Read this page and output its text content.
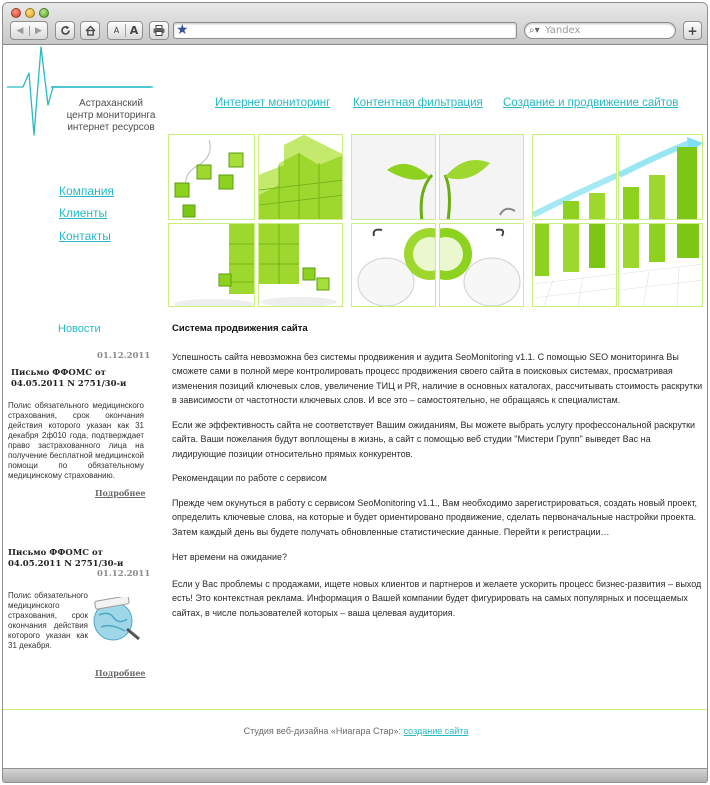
◀	▶	A A	★	⌕▾ Yandex	+
Астраханский центр мониторинга интернет ресурсов
Интернет мониторинг Контентная фильтрация Создание и продвижение сайтов
Компания
Клиенты
Контакты
Новости
01.12.2011
Письмо ФФОМС от 04.05.2011 N 2751/30-и
Полис обязательного медицинского страхования, срок окончания действия которого указан как 31 декабря 2ф010 года, подтверждает право застрахованного лица на получение бесплатной медицинской помощи по обязательному медицинскому страхованию.
Подробнее
Письмо ФФОМС от 04.05.2011 N 2751/30-и
01.12.2011
Полис обязательного медицинского страхования, срок окончания действия которого указан как 31 декабря.
Подробнее
Система продвижения сайта
Успешность сайта невозможна без системы продвижения и аудита SeoMonitoring v1.1. С помощью SEO мониторинга Вы сможете сами в полной мере контролировать процесс продвижения своего сайта в поисковых системах, просматривая изменения позиций ключевых слов, увеличение ТИЦ и PR, наличие в основных каталогах, рассчитывать стоимость раскрутки в зависимости от частотности ключевых слов. И все это – самостоятельно, не обращаясь к специалистам.
Если же эффективность сайта не соответствует Вашим ожиданиям, Вы можете выбрать услугу профессональной раскрутки сайта. Ваши пожелания будут воплощены в жизнь, а сайт с помощью веб студии "Мистери Групп" выведет Вас на лидирующие позиции относительно прямых конкурентов.
Рекомендации по работе с сервисом
Прежде чем окунуться в работу с сервисом SeoMonitoring v1.1., Вам необходимо зарегистрироваться, создать новый проект, определить ключевые слова, на которые и будет ориентировано продвижение, сделать первоначальные настройки проекта. Затем каждый день вы будете получать обновленные статистические данные. Перейти к регистрации…
Нет времени на ожидание?
Если у Вас проблемы с продажами, ищете новых клиентов и партнеров и желаете ускорить процесс бизнес-развития – выход есть! Это контекстная реклама. Информация о Вашей компании будет фигурировать на самых популярных и посещаемых сайтах, в числе пользователей которых – ваша целевая аудитория.
Студия веб-дизайна «Ниагара Стар»: создание сайта
